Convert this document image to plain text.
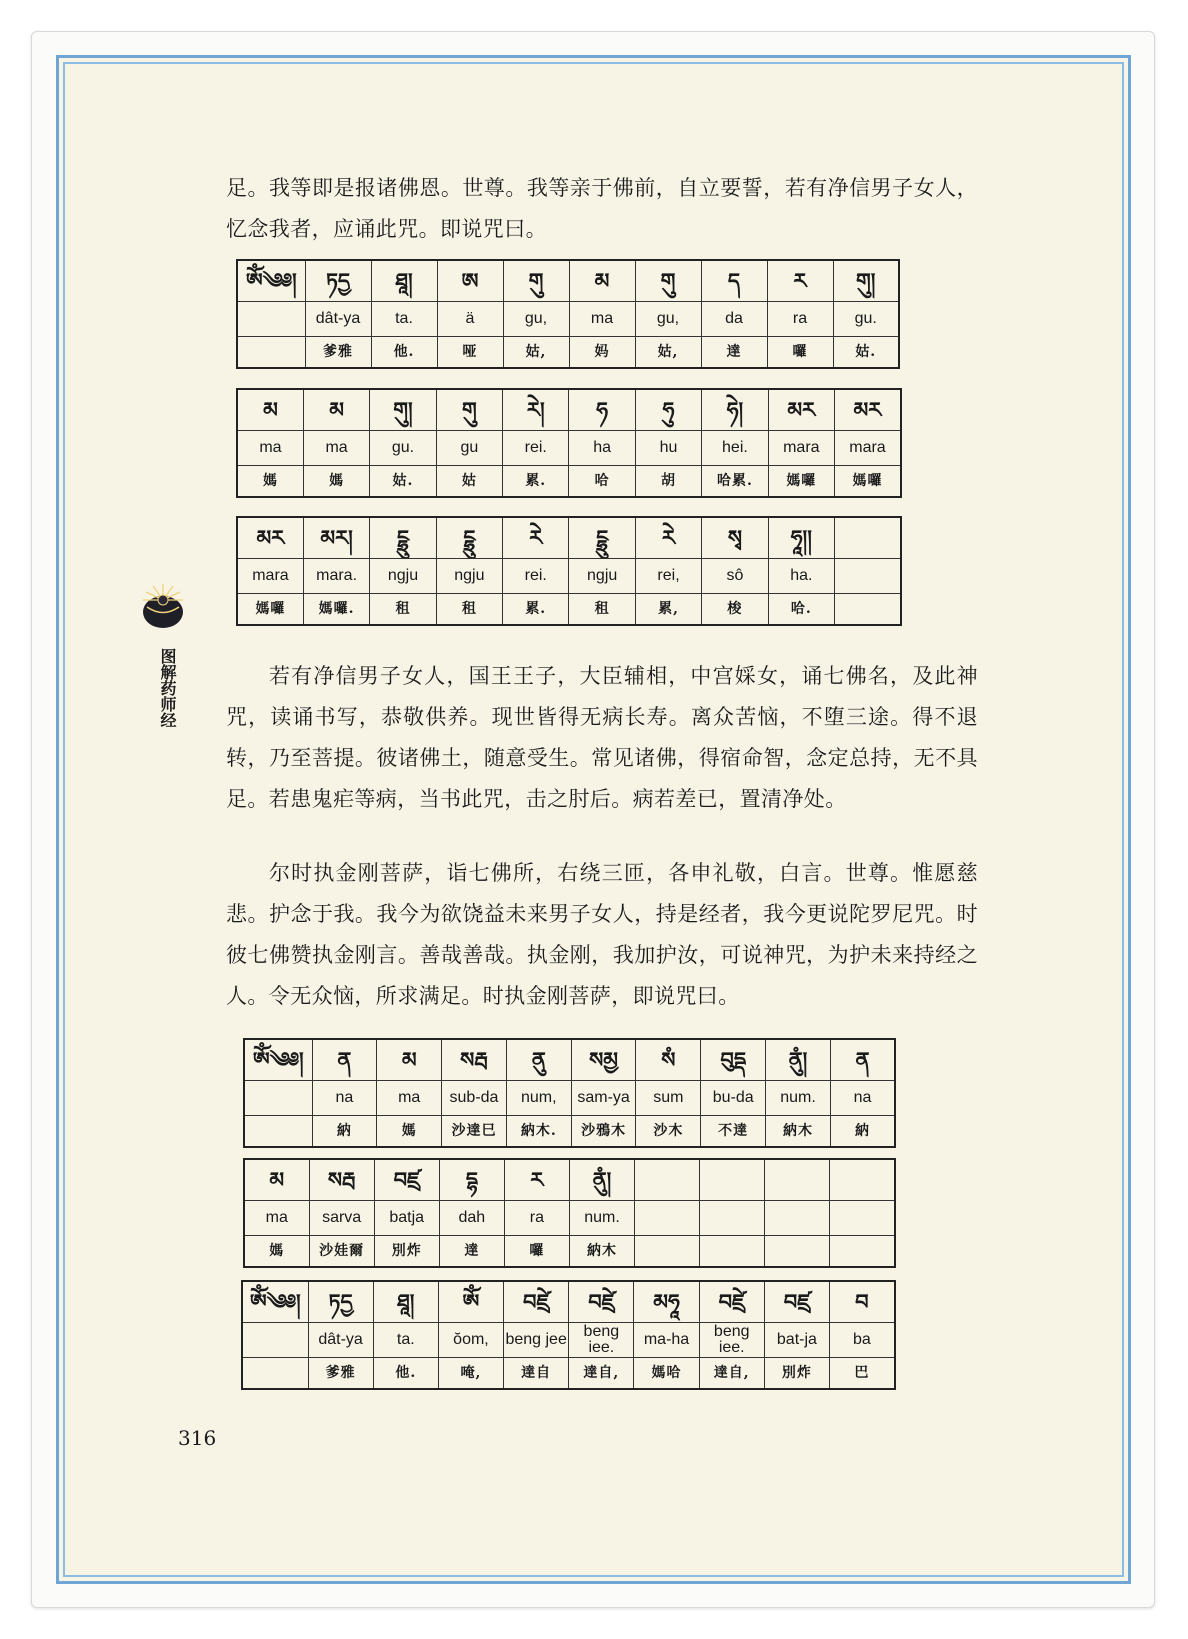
足。我等即是报诸佛恩。世尊。我等亲于佛前，自立要誓，若有净信男子女人，忆念我者，应诵此咒。即说咒曰。

ༀ༄༅།	ཏདྱ	ཐཱ།	ཨ	གུ	མ	གུ	ད	ར	གུ།
	dât-ya	ta.	ä	gu,	ma	gu,	da	ra	gu.
	爹雅	他.	哑	姑,	妈	姑,	達	囉	姑.
མ	མ	གུ།	གུ	རེ།	ཧ	ཧུ	ཧེ།	མར	མར
ma	ma	gu.	gu	rei.	ha	hu	hei.	mara	mara
媽	媽	姑.	姑	累.	哈	胡	哈累.	媽囉	媽囉
མར	མར།	ངྷྲུ	ངྷྲུ	རེ	ངྷྲུ	རེ	སྭ	ཧཱ།།	
mara	mara.	ngju	ngju	rei.	ngju	rei,	sô	ha.	
媽囉	媽囉.	租	租	累.	租	累,	梭	哈.	
图解药师经	若有净信男子女人，国王王子，大臣辅相，中宫婇女，诵七佛名，及此神咒，读诵书写，恭敬供养。现世皆得无病长寿。离众苦恼，不堕三途。得不退转，乃至菩提。彼诸佛土，随意受生。常见诸佛，得宿命智，念定总持，无不具足。若患鬼疟等病，当书此咒，击之肘后。病若差已，置清净处。

尔时执金刚菩萨，诣七佛所，右绕三匝，各申礼敬，白言。世尊。惟愿慈悲。护念于我。我今为欲饶益未来男子女人，持是经者，我今更说陀罗尼咒。时彼七佛赞执金刚言。善哉善哉。执金刚，我加护汝，可说神咒，为护未来持经之人。令无众恼，所求满足。时执金刚菩萨，即说咒曰。

ༀ༄༅།	ན	མ	སརྦ	ནུ	སམྱ	སཾ	བུདྡ	ནུཾ།	ན
	na	ma	sub-da	num,	sam-ya	sum	bu-da	num.	na
	納	媽	沙達巳	納木.	沙鴉木	沙木	不達	納木	納
མ	སརྦ	བཛྲ	དྷ	ར	ནུཾ།				
ma	sarva	batja	dah	ra	num.				
媽	沙娃爾	別炸	達	囉	納木				
ༀ༄༅།	ཏདྱ	ཐཱ།	ཨོཾ	བཛྲེ	བཛྲེ	མཧཱ	བཛྲེ	བཛྲ	བ
	dât-ya	ta.	ŏom,	beng jee	beng iee.	ma-ha	beng iee.	bat-ja	ba
	爹雅	他.	唵,	達自	達自,	媽哈	達自,	別炸	巴
316
